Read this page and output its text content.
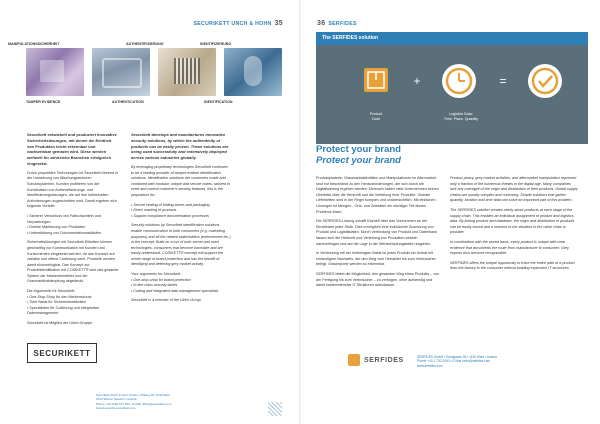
SECURIKETT UNCH & HOHN 35
MANIPULATIONSSICHERHEIT	AUTHENTIFIZIERUNG	IDENTIFIZIERUNG
TAMPER EVIDENCE	AUTHENTICATION	IDENTIFICATION

Securikett entwickelt und produziert innovative Sicherheitslösungen, mit denen die Echtheit von Produkten leicht erkennbar und nachweisbar gemacht wird. Diese werden weltweit für zahlreiche Branchen erfolgreich eingesetzt.

Durch proprietäre Technologien ist Securikett führend in der Umsetzung von fälschungssicheren Schutzsystemen. Kunden profitieren von der Kombination von Authentifizierungs- und Identifizierungslösungen, die auf ihre individuellen Anforderungen zugeschnitten sind. Damit ergeben sich folgende Vorteile:

• Sicherer Verschluss von Faltschachteln und Verpackungen
• Direkte Markierung von Produkten
• Unterstützung von Dokumentationsabläufen

Sicherheitslösungen mit Securikett-Etiketten können gleichzeitig zur Kommunikation mit Kunden und Konsumenten eingesetzt werden, da das Konzept auf variable und offene Codierung setzt. Produkte werden damit rückverfolgbar. Das Konzept zur Produktidentifikation mit CODIKETT® wird das gesamte System der Markenhersteller und der Graumarktbekämpfung abgedeckt.

Die Argumente für Securikett:

• One-Stop-Shop für den Markenschutz
• Tiefe Basis für Sicherheitsetiketten
• Spezialisten für Codierung und integrierten Datenmanagement

Securikett ist Mitglied der Ulrich Gruppe.

Securikett develops and manufactures innovative security solutions, by which the authenticity of products can be easily proven. These solutions are being used successfully and extensively deployed across various industries globally.

By leveraging proprietary technologies Securikett continues to be a leading provider of tamper-evident identification solutions. Identification solutions are customers made and combined with modular, unique and secure codes, tailored to meet and control customer's security features, this is the proposition for:

• Secure sealing of folding boxes and packaging
• Direct marking of products
• Support compliance documentation processes

Security solutions by Securikett identification solutions enable communication to both consumers (e.g. marketing purposes) and all the related stakeholders (enforcement etc.) in the concept. Build on a mix of both secret and overt technologies, consumers that become traceable and are easily understood. CODIKETT® concept will support the whole range of brand protection and has the benefit of identifying and deterring grey market activity.

Your arguments for Securikett:

• One-stop-shop for brand protection
• In-line class security labels
• Coding and integrated data management specialists

Securikett is a member of the Ulrich Group.

SECURIKETT
Securikett Ulrich & Horn GmbH • Dillweg 28, 1230 Wien
2233 Wiener Neudorf • Austria
Phone +43 2236 677 526 • E-Mail office@securikett.com
brand-security-securikett.com
36 SERFIDES
The SERFIDES solution
Product
Code
+
Logistics Data:
Time, Place, Quantity
=
Protect your brand
Protect your brand

Produktpiraterie, Graumarktaktivitäten und Manipulationen im Aftermarket sind nur beschränkt zu den Herausforderungen, die sich durch die Digitalisierung ergeben werden. Dennoch haben viele Unternehmen keinen Überblick über die Herkunft und die Verteilung ihrer Produkte. Globale Lieferketten sind in der Regel komplex und unübersichtlich. Mit einfachen Lösungen ist Mengen-, Orts- und Zeitdaten ein wichtiger Teil dieses Problems lösen.

Die SERFIDES-Lösung schafft Klarheit über das Vorkommen an der Einzelkarte jeder Stufe. Dies ermöglicht eine individuelle Zuordnung von Produkt und Logistikdaten. Durch Verbindung von Produkt und Datenbank lassen sich die Herkunft und Verteilung von Produkten einfach nachverfolgen und auf die Lage in der Wertschöpfungskette reagieren.

In Verbindung mit der hinterlegten Basis ist jedes Produkt ein Unikat mit eindeutigem Nachweis, der den Weg vom Hersteller bis zum Verbraucher belegt. Grauimporte werden so erkennbar.

SERFIDES bietet die Möglichkeit, den gesamten Weg eines Produkts – von der Fertigung bis zum Verbraucher – zu verfolgen, ohne aufwendig und damit kostenintensive IT-Strukturen aufzubauen.

Product piracy, grey market activities, and aftermarket manipulation represent only a fraction of the numerous threats in the digital age. Many companies lack any oversight of the origin and distribution of their products. Global supply chains are usually complex and confusing. Simple solutions that gather quantity, location and time data can solve an important part of this problem.

The SERFIDES solution creates clarity about products at each stage of the supply chain. This enables an individual assignment of product and logistics data. By linking product and database, the origin and distribution of products can be easily traced and a reaction to the situation in the value chain is possible.

In combination with the stored basis, every product is unique with clear evidence that documents the route from manufacturer to consumer. Grey imports thus become recognizable.

SERFIDES offers the unique opportunity to trace the entire path of a product from the factory to the consumer without building expensive IT structures.

SERFIDES	SERFIDES GmbH • Sandgasse 26 • 1190 Wien • Austria
Phone +43 1 720 2400 • E-Mail hello@serfides.com
www.serfides.com
